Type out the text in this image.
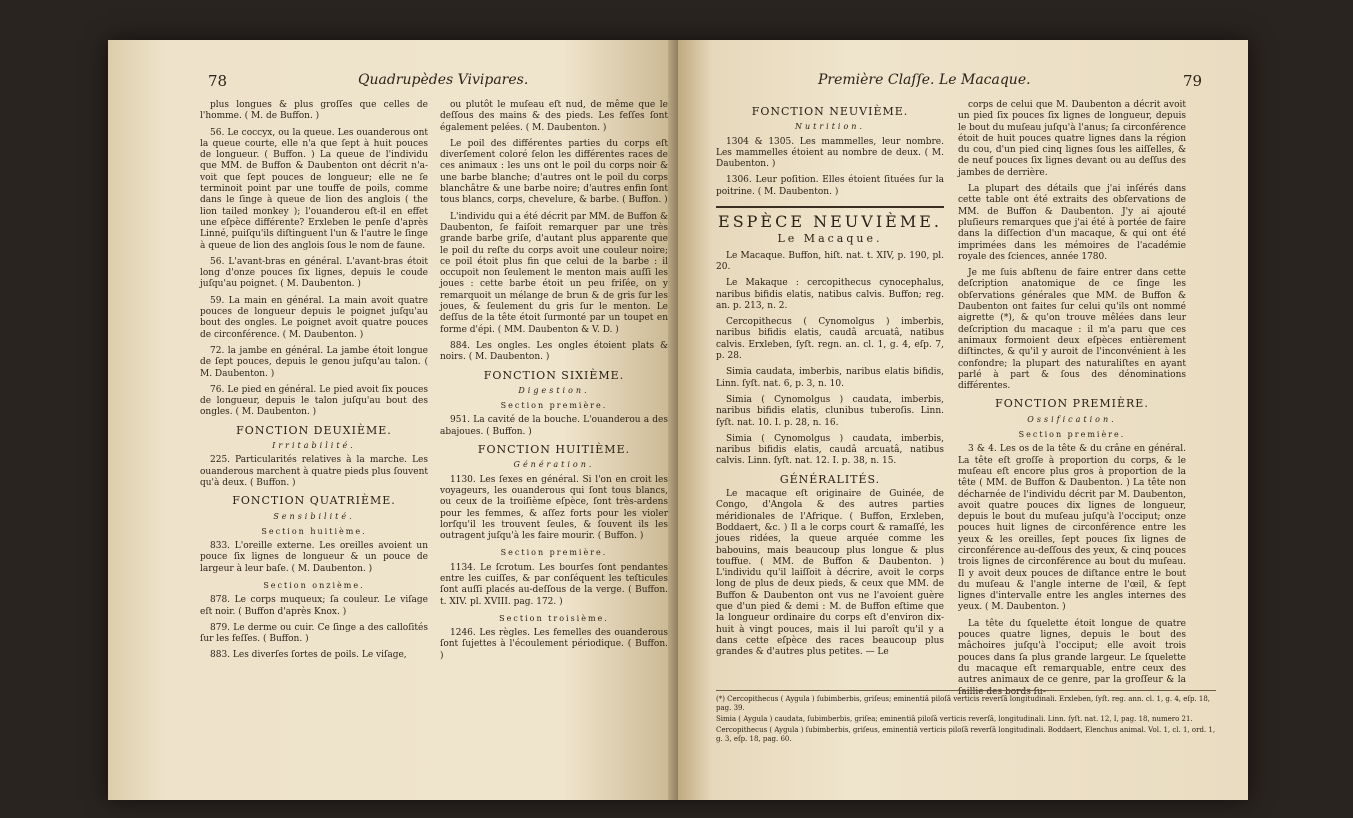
78	Quadrupèdes Vivipares.
plus longues & plus groſſes que celles de l'homme. ( M. de Buffon. )
56. Le coccyx, ou la queue. Les ouanderous ont la queue courte, elle n'a que ſept à huit pouces de longueur. ( Buffon. ) La queue de l'individu que MM. de Buffon & Daubenton ont décrit n'a-voit que ſept pouces de longueur; elle ne ſe terminoit point par une touffe de poils, comme dans le ſinge à queue de lion des anglois ( the lion tailed monkey ); l'ouanderou eſt-il en effet une eſpèce différente? Erxleben le penſe d'après Linné, puiſqu'ils diſtinguent l'un & l'autre le ſinge à queue de lion des anglois ſous le nom de faune.
56. L'avant-bras en général. L'avant-bras étoit long d'onze pouces ſix lignes, depuis le coude juſqu'au poignet. ( M. Daubenton. )
59. La main en général. La main avoit quatre pouces de longueur depuis le poignet juſqu'au bout des ongles. Le poignet avoit quatre pouces de circonférence. ( M. Daubenton. )
72. la jambe en général. La jambe étoit longue de ſept pouces, depuis le genou juſqu'au talon. ( M. Daubenton. )
76. Le pied en général. Le pied avoit ſix pouces de longueur, depuis le talon juſqu'au bout des ongles. ( M. Daubenton. )
FONCTION DEUXIÈME.
Irritabilité.
225. Particularités relatives à la marche. Les ouanderous marchent à quatre pieds plus ſouvent qu'à deux. ( Buffon. )
FONCTION QUATRIÈME.
Sensibilité.
Section huitième.
833. L'oreille externe. Les oreilles avoient un pouce ſix lignes de longueur & un pouce de largeur à leur baſe. ( M. Daubenton. )
Section onzième.
878. Le corps muqueux; ſa couleur. Le viſage eſt noir. ( Buffon d'après Knox. )
879. Le derme ou cuir. Ce ſinge a des calloſités ſur les feſſes. ( Buffon. )
883. Les diverſes ſortes de poils. Le viſage,
ou plutôt le muſeau eſt nud, de même que le deſſous des mains & des pieds. Les feſſes ſont également pelées. ( M. Daubenton. )
Le poil des différentes parties du corps eſt diverſement coloré ſelon les différentes races de ces animaux : les uns ont le poil du corps noir & une barbe blanche; d'autres ont le poil du corps blanchâtre & une barbe noire; d'autres enfin ſont tous blancs, corps, chevelure, & barbe. ( Buffon. )
L'individu qui a été décrit par MM. de Buffon & Daubenton, ſe faiſoit remarquer par une très grande barbe griſe, d'autant plus apparente que le poil du reſte du corps avoit une couleur noire; ce poil étoit plus fin que celui de la barbe : il occupoit non ſeulement le menton mais auſſi les joues : cette barbe étoit un peu friſée, on y remarquoit un mélange de brun & de gris ſur les joues, & ſeulement du gris ſur le menton. Le deſſus de la tête étoit ſurmonté par un toupet en forme d'épi. ( MM. Daubenton & V. D. )
884. Les ongles. Les ongles étoient plats & noirs. ( M. Daubenton. )
FONCTION SIXIÈME.
Digestion.
Section première.
951. La cavité de la bouche. L'ouanderou a des abajoues. ( Buffon. )
FONCTION HUITIÈME.
Génération.
1130. Les ſexes en général. Si l'on en croit les voyageurs, les ouanderous qui ſont tous blancs, ou ceux de la troiſième eſpèce, ſont très-ardens pour les femmes, & aſſez forts pour les violer lorſqu'il les trouvent ſeules, & ſouvent ils les outragent juſqu'à les faire mourir. ( Buffon. )
Section première.
1134. Le ſcrotum. Les bourſes ſont pendantes entre les cuiſſes, & par conſéquent les teſticules ſont auſſi placés au-deſſous de la verge. ( Buffon. t. XIV. pl. XVIII. pag. 172. )
Section troisième.
1246. Les règles. Les femelles des ouanderous ſont ſujettes à l'écoulement périodique. ( Buffon. )
Première Claſſe. Le Macaque.	79
FONCTION NEUVIÈME.
Nutrition.
1304 & 1305. Les mammelles, leur nombre. Les mammelles étoient au nombre de deux. ( M. Daubenton. )
1306. Leur poſition. Elles étoient ſituées ſur la poitrine. ( M. Daubenton. )
ESPÈCE NEUVIÈME.
Le Macaque.
Le Macaque. Buffon, hiſt. nat. t. XIV, p. 190, pl. 20.
Le Makaque : cercopithecus cynocephalus, naribus bifidis elatis, natibus calvis. Buffon; reg. an. p. 213, n. 2.
Cercopithecus ( Cynomolgus ) imberbis, naribus bifidis elatis, caudâ arcuatâ, natibus calvis. Erxleben, ſyſt. regn. an. cl. 1, g. 4, eſp. 7, p. 28.
Simia caudata, imberbis, naribus elatis bifidis, Linn. ſyſt. nat. 6, p. 3, n. 10.
Simia ( Cynomolgus ) caudata, imberbis, naribus bifidis elatis, clunibus tuberoſis. Linn. ſyſt. nat. 10. I. p. 28, n. 16.
Simia ( Cynomolgus ) caudata, imberbis, naribus bifidis elatis, caudâ arcuatâ, natibus calvis. Linn. ſyſt. nat. 12. I. p. 38, n. 15.
GÉNÉRALITÉS.
Le macaque eſt originaire de Guinée, de Congo, d'Angola & des autres parties méridionales de l'Afrique. ( Buffon, Erxleben, Boddaert, &c. ) Il a le corps court & ramaſſé, les joues ridées, la queue arquée comme les babouins, mais beaucoup plus longue & plus touffue. ( MM. de Buffon & Daubenton. ) L'individu qu'il laiſſoit à décrire, avoit le corps long de plus de deux pieds, & ceux que MM. de Buffon & Daubenton ont vus ne l'avoient guère que d'un pied & demi : M. de Buffon eſtime que la longueur ordinaire du corps eſt d'environ dix-huit à vingt pouces, mais il lui paroît qu'il y a dans cette eſpèce des races beaucoup plus grandes & d'autres plus petites. — Le
corps de celui que M. Daubenton a décrit avoit un pied ſix pouces ſix lignes de longueur, depuis le bout du muſeau juſqu'à l'anus; ſa circonférence étoit de huit pouces quatre lignes dans la région du cou, d'un pied cinq lignes ſous les aiſſelles, & de neuf pouces ſix lignes devant ou au deſſus des jambes de derrière.
La plupart des détails que j'ai inſérés dans cette table ont été extraits des obſervations de MM. de Buffon & Daubenton. J'y ai ajouté pluſieurs remarques que j'ai été à portée de faire dans la diſſection d'un macaque, & qui ont été imprimées dans les mémoires de l'académie royale des ſciences, année 1780.
Je me ſuis abſtenu de faire entrer dans cette deſcription anatomique de ce ſinge les obſervations générales que MM. de Buffon & Daubenton ont faites ſur celui qu'ils ont nommé aigrette (*), & qu'on trouve mêlées dans leur deſcription du macaque : il m'a paru que ces animaux formoient deux eſpèces entièrement diſtinctes, & qu'il y auroit de l'inconvénient à les confondre; la plupart des naturaliſtes en ayant parlé à part & ſous des dénominations différentes.
FONCTION PREMIÈRE.
Ossification.
Section première.
3 & 4. Les os de la tête & du crâne en général. La tête eſt groſſe à proportion du corps, & le muſeau eſt encore plus gros à proportion de la tête ( MM. de Buffon & Daubenton. ) La tête non décharnée de l'individu décrit par M. Daubenton, avoit quatre pouces dix lignes de longueur, depuis le bout du muſeau juſqu'à l'occiput; onze pouces huit lignes de circonférence entre les yeux & les oreilles, ſept pouces ſix lignes de circonférence au-deſſous des yeux, & cinq pouces trois lignes de circonférence au bout du muſeau. Il y avoit deux pouces de diſtance entre le bout du muſeau & l'angle interne de l'œil, & ſept lignes d'intervalle entre les angles internes des yeux. ( M. Daubenton. )
La tête du ſquelette étoit longue de quatre pouces quatre lignes, depuis le bout des mâchoires juſqu'à l'occiput; elle avoit trois pouces dans ſa plus grande largeur. Le ſquelette du macaque eſt remarquable, entre ceux des autres animaux de ce genre, par la groſſeur & la ſaillie des bords ſu-
(*) Cercopithecus ( Aygula ) ſubimberbis, griſeus; eminentiâ piloſâ verticis reverſâ longitudinali. Erxleben, ſyſt. reg. ann. cl. 1, g. 4, eſp. 18, pag. 39.
Simia ( Aygula ) caudata, ſubimberbis, griſea; eminentiâ piloſâ verticis reverſâ, longitudinali. Linn. ſyſt. nat. 12, I, pag. 18, numero 21.
Cercopithecus ( Aygula ) ſubimberbis, griſeus, eminentiâ verticis piloſâ reverſâ longitudinali. Boddaert, Elenchus animal. Vol. 1, cl. 1, ord. 1, g. 3, eſp. 18, pag. 60.
